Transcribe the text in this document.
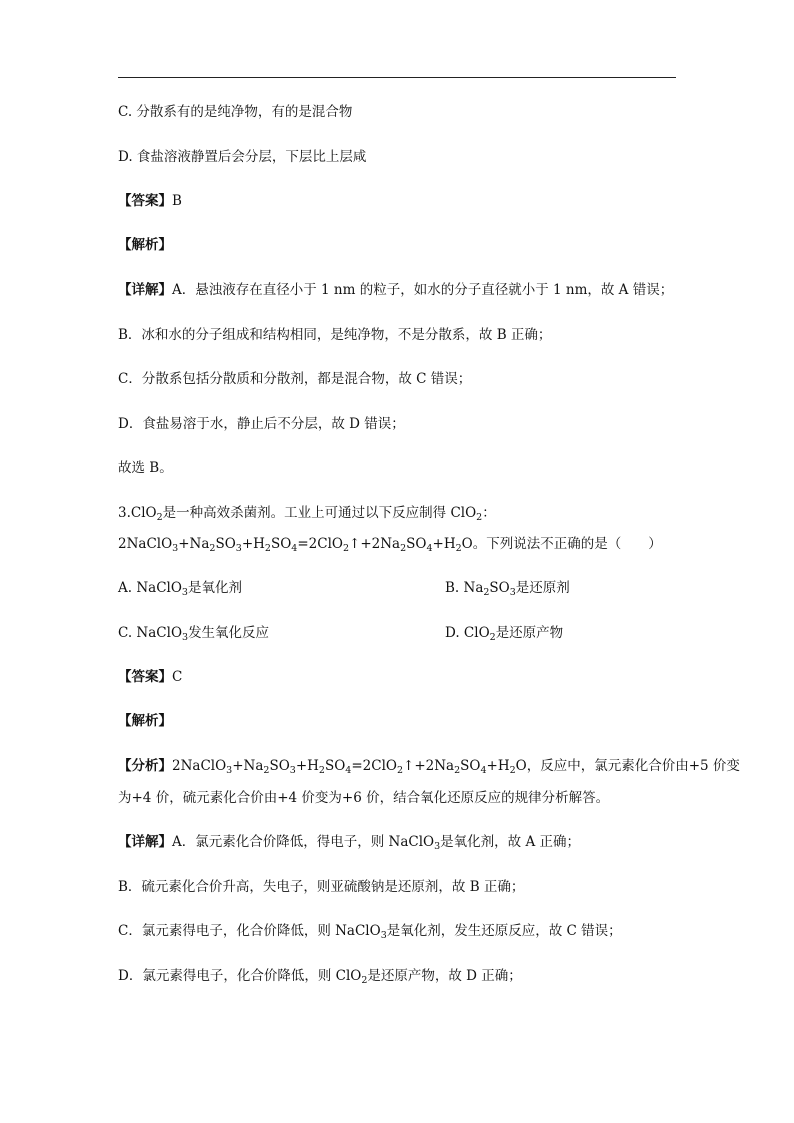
C. 分散系有的是纯净物，有的是混合物
D. 食盐溶液静置后会分层，下层比上层咸
【答案】B
【解析】
【详解】A．悬浊液存在直径小于 1 nm 的粒子，如水的分子直径就小于 1 nm，故 A 错误；
B．冰和水的分子组成和结构相同，是纯净物，不是分散系，故 B 正确；
C．分散系包括分散质和分散剂，都是混合物，故 C 错误；
D．食盐易溶于水，静止后不分层，故 D 错误；
故选 B。
3.ClO$_2$是一种高效杀菌剂。工业上可通过以下反应制得 ClO$_2$：
$2NaClO_3+Na_2SO_3+H_2SO_4=2ClO_2↑+2Na_2SO_4+H_2O$。下列说法不正确的是（　　）
A. NaClO$_3$是氧化剂	B. $Na_2SO_3$是还原剂
C. NaClO$_3$发生氧化反应	D. ClO$_2$是还原产物
【答案】C
【解析】
【分析】$2NaClO_3+Na_2SO_3+H_2SO_4=2ClO_2↑+2Na_2SO_4+H_2O$，反应中，氯元素化合价由+5 价变
为+4 价，硫元素化合价由+4 价变为+6 价，结合氧化还原反应的规律分析解答。
【详解】A．氯元素化合价降低，得电子，则 NaClO$_3$是氧化剂，故 A 正确；
B．硫元素化合价升高，失电子，则亚硫酸钠是还原剂，故 B 正确；
C．氯元素得电子，化合价降低，则 NaClO$_3$是氧化剂，发生还原反应，故 C 错误；
D．氯元素得电子，化合价降低，则 ClO$_2$是还原产物，故 D 正确；
